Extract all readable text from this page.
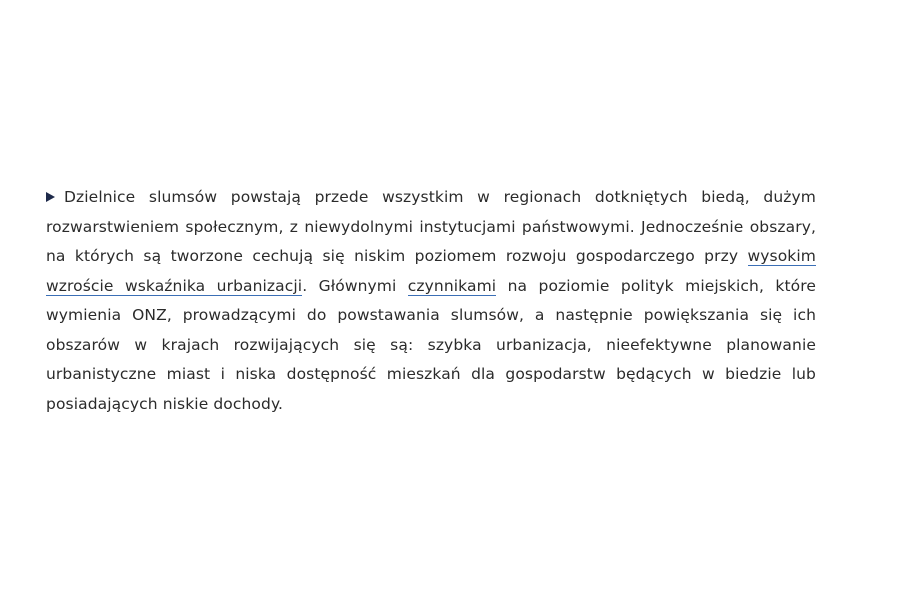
Dzielnice slumsów powstają przede wszystkim w regionach dotkniętych biedą, dużym rozwarstwieniem społecznym, z niewydolnymi instytucjami państwowymi. Jednocześnie obszary, na których są tworzone cechują się niskim poziomem rozwoju gospodarczego przy wysokim wzroście wskaźnika urbanizacji. Głównymi czynnikami na poziomie polityk miejskich, które wymienia ONZ, prowadzącymi do powstawania slumsów, a następnie powiększania się ich obszarów w krajach rozwijających się są: szybka urbanizacja, nieefektywne planowanie urbanistyczne miast i niska dostępność mieszkań dla gospodarstw będących w biedzie lub posiadających niskie dochody.
